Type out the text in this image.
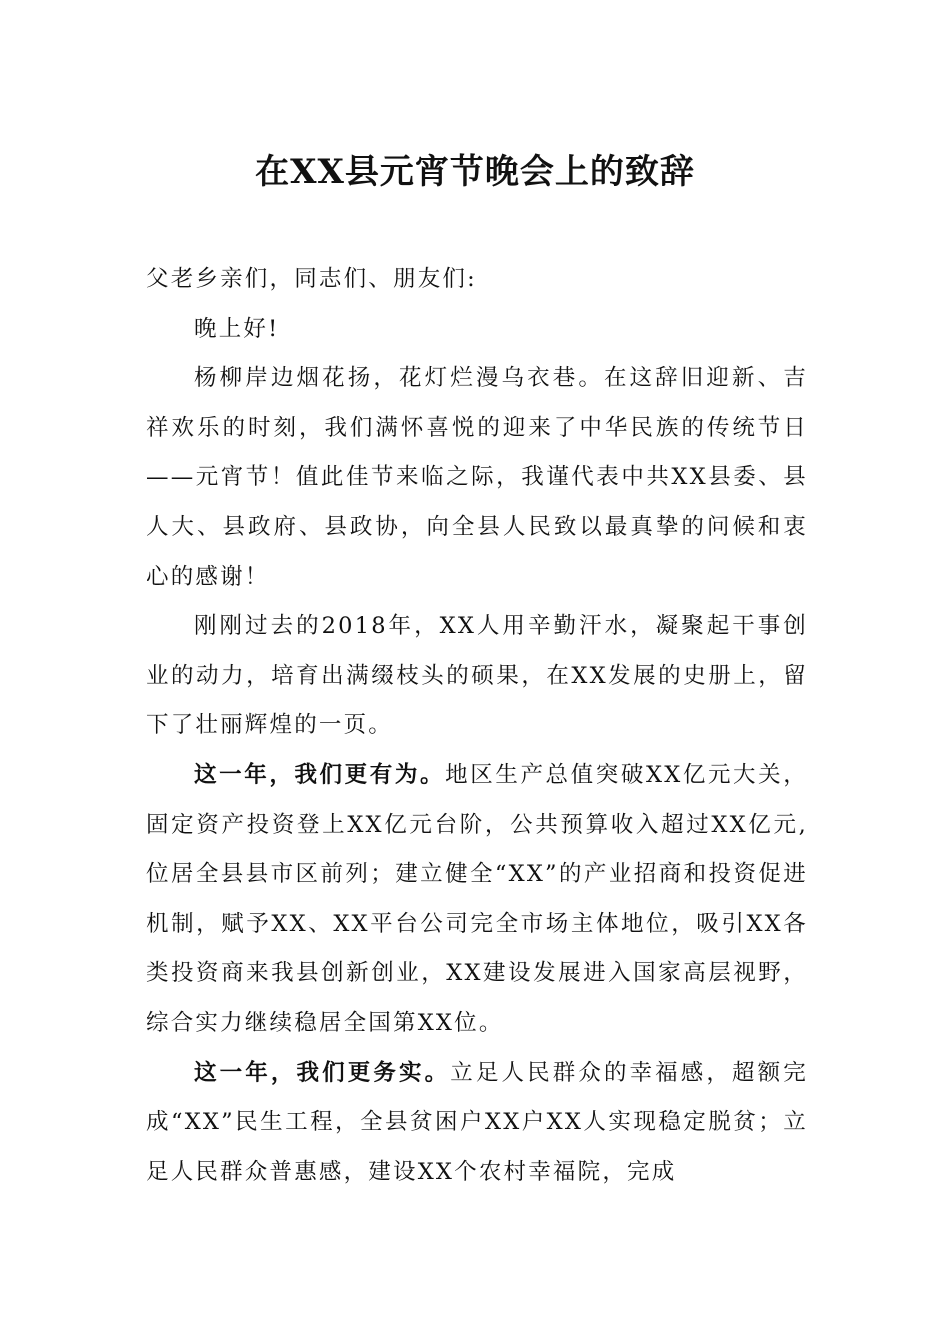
在XX县元宵节晚会上的致辞

父老乡亲们，同志们、朋友们:

晚上好!

杨柳岸边烟花扬，花灯烂漫乌衣巷。在这辞旧迎新、吉祥欢乐的时刻，我们满怀喜悦的迎来了中华民族的传统节日——元宵节！值此佳节来临之际，我谨代表中共XX县委、县人大、县政府、县政协，向全县人民致以最真挚的问候和衷心的感谢！

刚刚过去的2018年，XX人用辛勤汗水，凝聚起干事创业的动力，培育出满缀枝头的硕果，在XX发展的史册上，留下了壮丽辉煌的一页。

这一年，我们更有为。地区生产总值突破XX亿元大关，固定资产投资登上XX亿元台阶，公共预算收入超过XX亿元,位居全县县市区前列；建立健全“XX”的产业招商和投资促进机制，赋予XX、XX平台公司完全市场主体地位，吸引XX各类投资商来我县创新创业，XX建设发展进入国家高层视野，综合实力继续稳居全国第XX位。

这一年，我们更务实。立足人民群众的幸福感，超额完成“XX”民生工程，全县贫困户XX户XX人实现稳定脱贫；立足人民群众普惠感，建设XX个农村幸福院，完成
